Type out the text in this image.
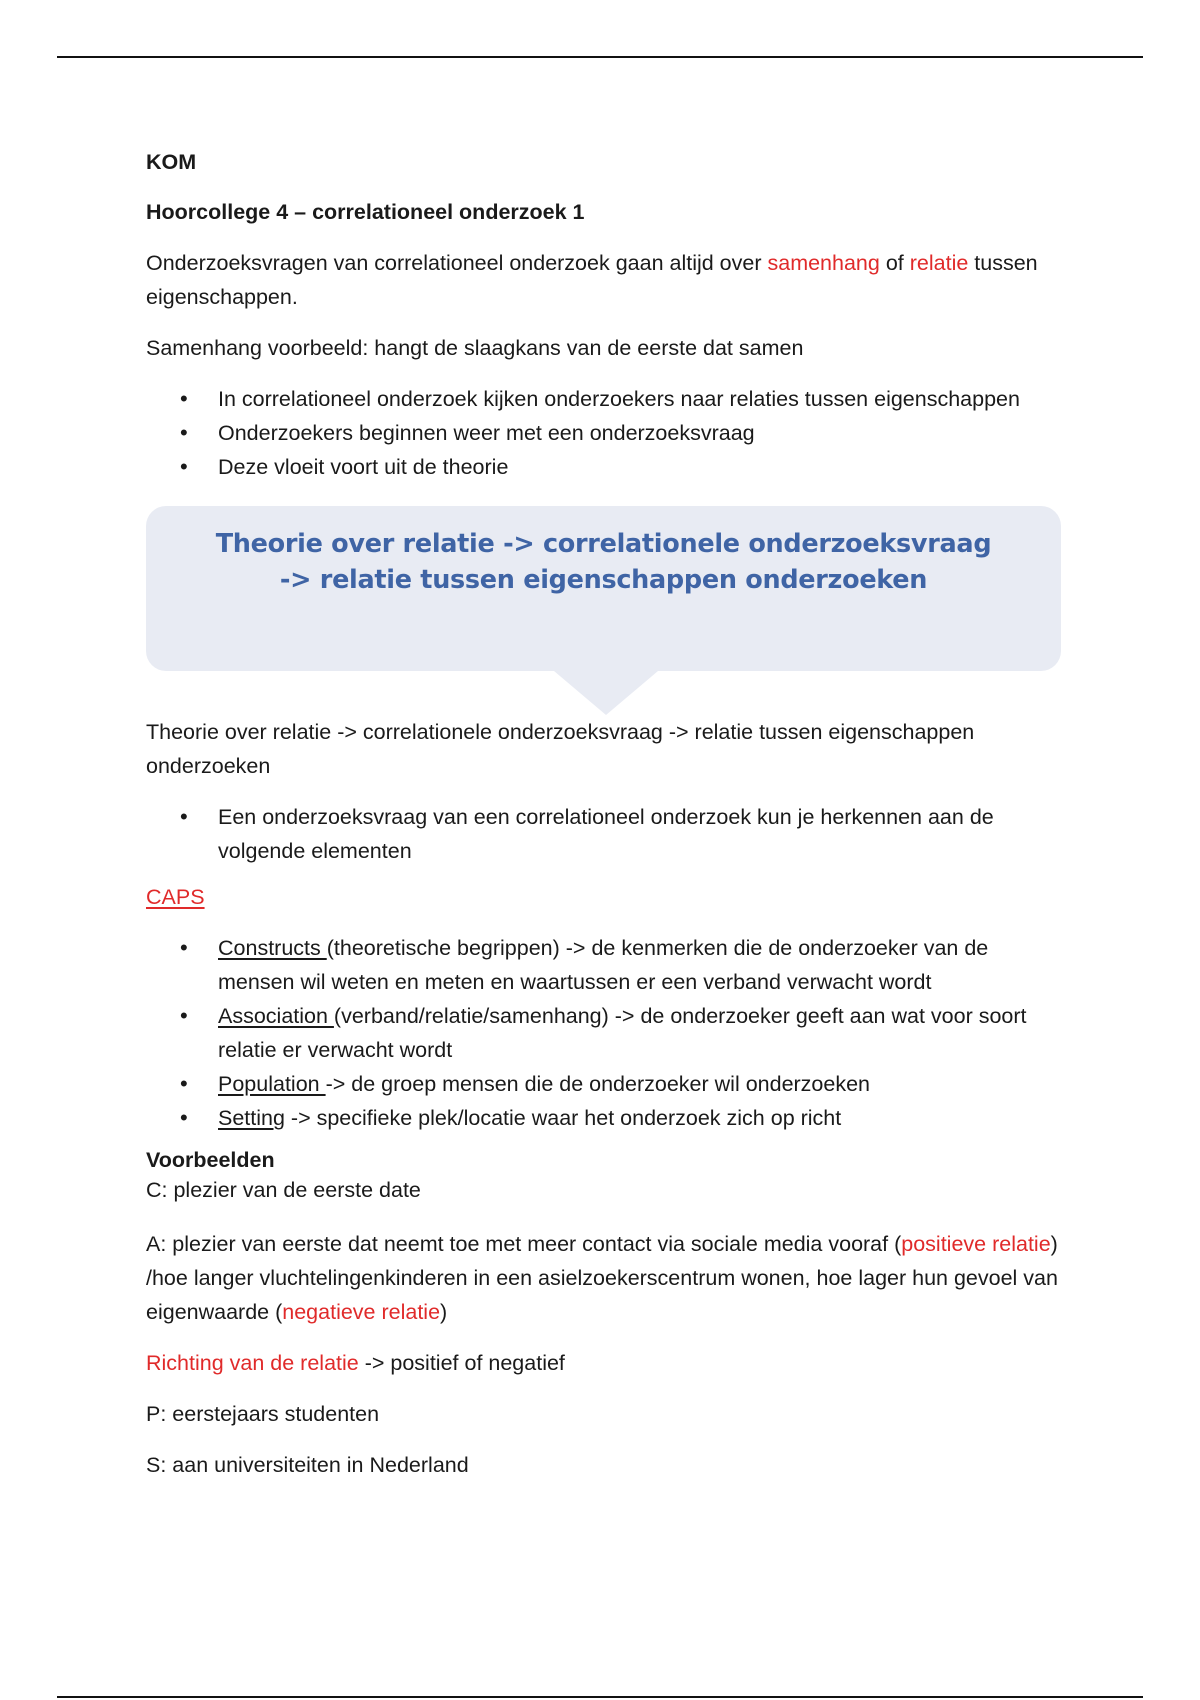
KOM

Hoorcollege 4 – correlationeel onderzoek 1

Onderzoeksvragen van correlationeel onderzoek gaan altijd over samenhang of relatie tussen eigenschappen.

Samenhang voorbeeld: hangt de slaagkans van de eerste dat samen

• In correlationeel onderzoek kijken onderzoekers naar relaties tussen eigenschappen
• Onderzoekers beginnen weer met een onderzoeksvraag
• Deze vloeit voort uit de theorie
Theorie over relatie -> correlationele onderzoeksvraag
-> relatie tussen eigenschappen onderzoeken

Theorie over relatie -> correlationele onderzoeksvraag -> relatie tussen eigenschappen onderzoeken

• Een onderzoeksvraag van een correlationeel onderzoek kun je herkennen aan de volgende elementen

CAPS

• Constructs (theoretische begrippen) -> de kenmerken die de onderzoeker van de mensen wil weten en meten en waartussen er een verband verwacht wordt
• Association (verband/relatie/samenhang) -> de onderzoeker geeft aan wat voor soort relatie er verwacht wordt
• Population -> de groep mensen die de onderzoeker wil onderzoeken
• Setting -> specifieke plek/locatie waar het onderzoek zich op richt

Voorbeelden

C: plezier van de eerste date

A: plezier van eerste dat neemt toe met meer contact via sociale media vooraf (positieve relatie) /hoe langer vluchtelingenkinderen in een asielzoekerscentrum wonen, hoe lager hun gevoel van eigenwaarde (negatieve relatie)

Richting van de relatie -> positief of negatief

P: eerstejaars studenten

S: aan universiteiten in Nederland
